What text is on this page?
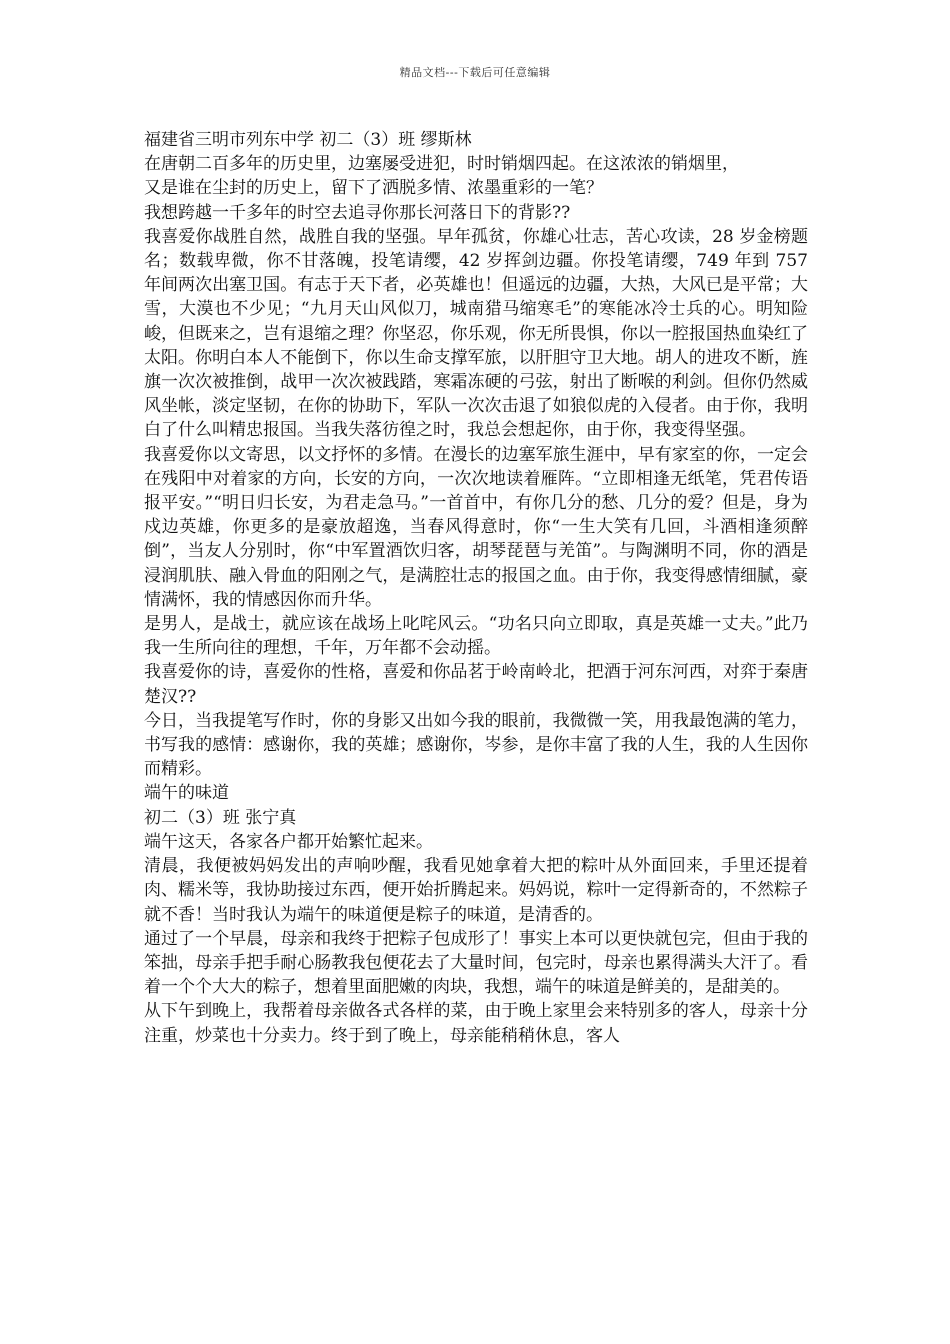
精品文档---下载后可任意编辑

福建省三明市列东中学 初二（3）班 缪斯林

在唐朝二百多年的历史里，边塞屡受进犯，时时销烟四起。在这浓浓的销烟里，

又是谁在尘封的历史上，留下了洒脱多情、浓墨重彩的一笔？

我想跨越一千多年的时空去追寻你那长河落日下的背影??

我喜爱你战胜自然，战胜自我的坚强。早年孤贫，你雄心壮志，苦心攻读，28 岁金榜题名；数载卑微，你不甘落魄，投笔请缨，42 岁挥剑边疆。你投笔请缨，749 年到 757 年间两次出塞卫国。有志于天下者，必英雄也！但遥远的边疆，大热，大风已是平常；大雪，大漠也不少见；“九月天山风似刀，城南猎马缩寒毛”的寒能冰冷士兵的心。明知险峻，但既来之，岂有退缩之理？你坚忍，你乐观，你无所畏惧，你以一腔报国热血染红了太阳。你明白本人不能倒下，你以生命支撑军旅，以肝胆守卫大地。胡人的进攻不断，旌旗一次次被推倒，战甲一次次被践踏，寒霜冻硬的弓弦，射出了断喉的利剑。但你仍然威风坐帐，淡定坚韧，在你的协助下，军队一次次击退了如狼似虎的入侵者。由于你，我明白了什么叫精忠报国。当我失落彷徨之时，我总会想起你，由于你，我变得坚强。

我喜爱你以文寄思，以文抒怀的多情。在漫长的边塞军旅生涯中，早有家室的你，一定会在残阳中对着家的方向，长安的方向，一次次地读着雁阵。“立即相逢无纸笔，凭君传语报平安。”“明日归长安，为君走急马。”一首首中，有你几分的愁、几分的爱？但是，身为戍边英雄，你更多的是豪放超逸，当春风得意时，你“一生大笑有几回，斗酒相逢须醉倒”，当友人分别时，你“中军置酒饮归客，胡琴琵琶与羌笛”。与陶渊明不同，你的酒是浸润肌肤、融入骨血的阳刚之气，是满腔壮志的报国之血。由于你，我变得感情细腻，豪情满怀，我的情感因你而升华。

是男人，是战士，就应该在战场上叱咤风云。“功名只向立即取，真是英雄一丈夫。”此乃我一生所向往的理想，千年，万年都不会动摇。

我喜爱你的诗，喜爱你的性格，喜爱和你品茗于岭南岭北，把酒于河东河西，对弈于秦唐楚汉??

今日，当我提笔写作时，你的身影又出如今我的眼前，我微微一笑，用我最饱满的笔力，书写我的感情：感谢你，我的英雄；感谢你，岑参，是你丰富了我的人生，我的人生因你而精彩。

端午的味道

初二（3）班 张宁真

端午这天，各家各户都开始繁忙起来。

清晨，我便被妈妈发出的声响吵醒，我看见她拿着大把的粽叶从外面回来，手里还提着肉、糯米等，我协助接过东西，便开始折腾起来。妈妈说，粽叶一定得新奇的，不然粽子就不香！当时我认为端午的味道便是粽子的味道，是清香的。

通过了一个早晨，母亲和我终于把粽子包成形了！事实上本可以更快就包完，但由于我的笨拙，母亲手把手耐心肠教我包便花去了大量时间，包完时，母亲也累得满头大汗了。看着一个个大大的粽子，想着里面肥嫩的肉块，我想，端午的味道是鲜美的，是甜美的。

从下午到晚上，我帮着母亲做各式各样的菜，由于晚上家里会来特别多的客人，母亲十分注重，炒菜也十分卖力。终于到了晚上，母亲能稍稍休息，客人
